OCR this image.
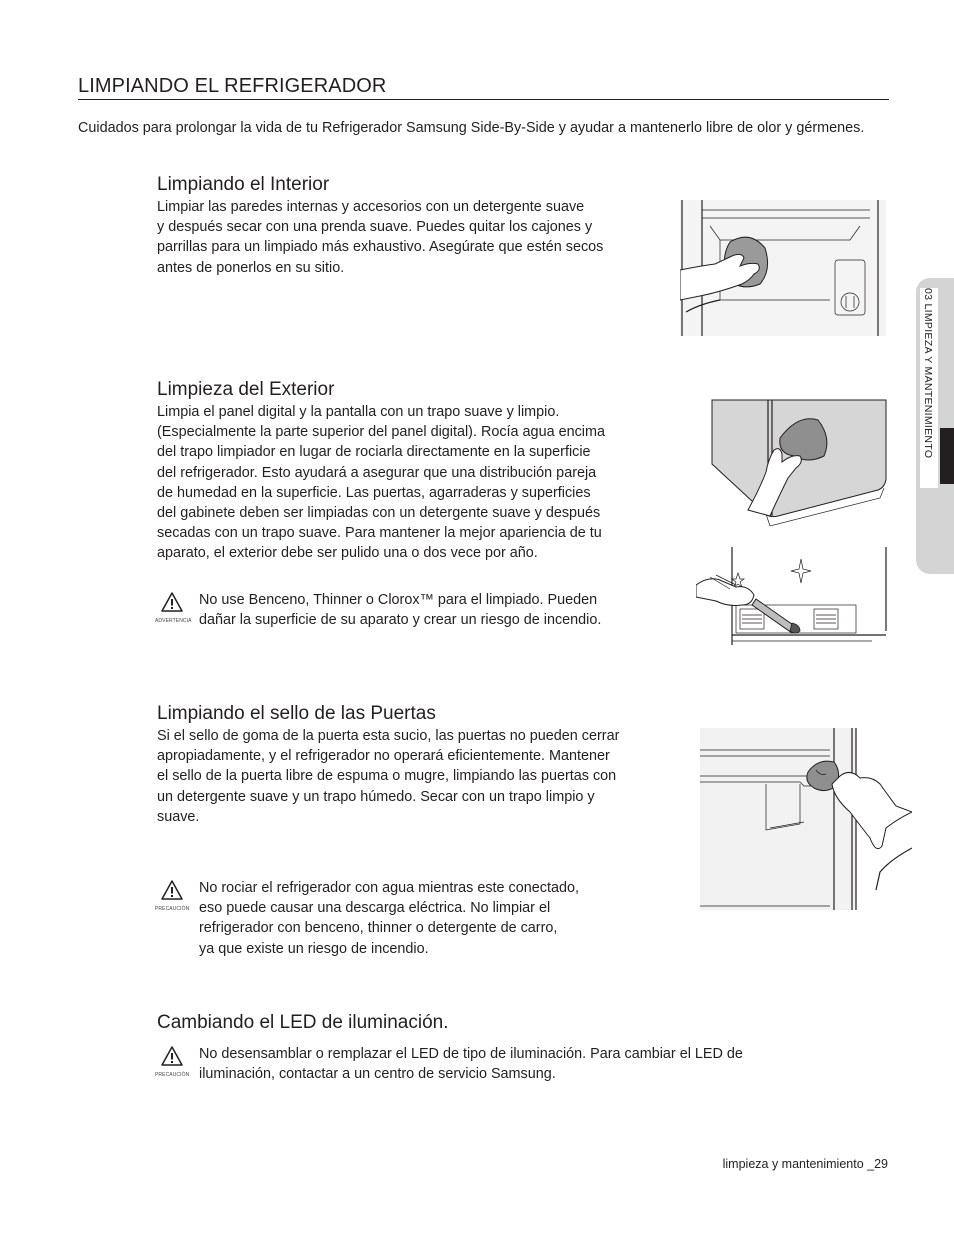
LIMPIANDO EL REFRIGERADOR
Cuidados para prolongar la vida de tu Refrigerador Samsung Side-By-Side y ayudar a mantenerlo libre de olor y gérmenes.
Limpiando el Interior
Limpiar las paredes internas y accesorios con un detergente suave
y después secar con una prenda suave. Puedes quitar los cajones y
parrillas para un limpiado más exhaustivo. Asegúrate que estén secos
antes de ponerlos en su sitio.
Limpieza del Exterior
Limpia el panel digital y la pantalla con un trapo suave y limpio.
(Especialmente la parte superior del panel digital). Rocía agua encima
del trapo limpiador en lugar de rociarla directamente en la superficie
del refrigerador. Esto ayudará a asegurar que una distribución pareja
de humedad en la superficie. Las puertas, agarraderas y superficies
del gabinete deben ser limpiadas con un detergente suave y después
secadas con un trapo suave. Para mantener la mejor apariencia de tu
aparato, el exterior debe ser pulido una o dos vece por año.
ADVERTENCIA
No use Benceno, Thinner o Clorox™ para el limpiado. Pueden
dañar la superficie de su aparato y crear un riesgo de incendio.
Limpiando el sello de las Puertas
Si el sello de goma de la puerta esta sucio, las puertas no pueden cerrar
apropiadamente, y el refrigerador no operará eficientemente. Mantener
el sello de la puerta libre de espuma o mugre, limpiando las puertas con
un detergente suave y un trapo húmedo. Secar con un trapo limpio y
suave.
PRECAUCIÓN
No rociar el refrigerador con agua mientras este conectado,
eso puede causar una descarga eléctrica. No limpiar el
refrigerador con benceno, thinner o detergente de carro,
ya que existe un riesgo de incendio.
Cambiando el LED de iluminación.
PRECAUCIÓN
No desensamblar o remplazar el LED de tipo de iluminación. Para cambiar el LED de
iluminación, contactar a un centro de servicio Samsung.
03 LIMPIEZA Y MANTENIMIENTO
limpieza y mantenimiento _29
